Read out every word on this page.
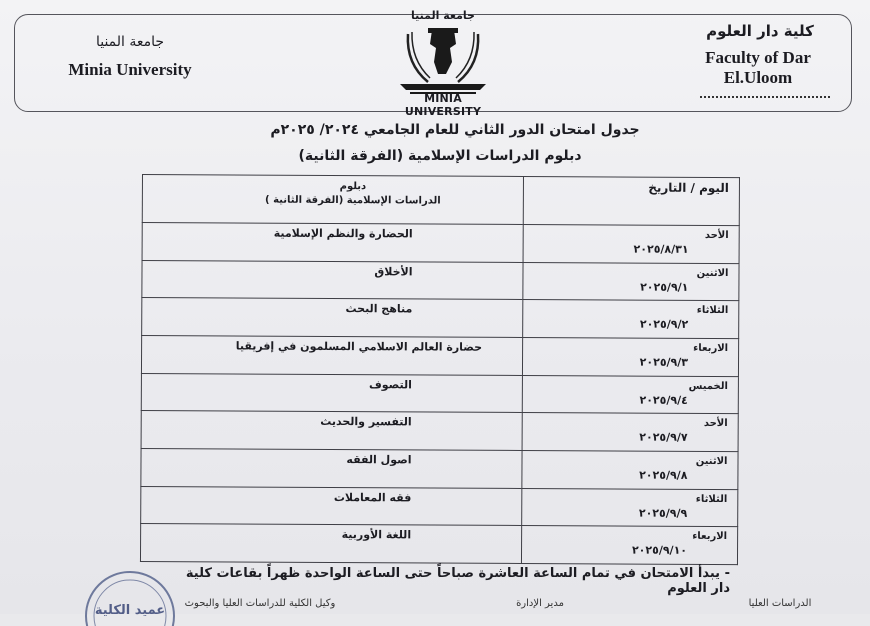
جامعة المنيا
Minia University
كلية دار العلوم
Faculty of Dar
El.Uloom
جامعة المنيا
MINIA UNIVERSITY
جدول امتحان الدور الثاني للعام الجامعي ٢٠٢٤/ ٢٠٢٥م
دبلوم الدراسات الإسلامية (الفرقة الثانية)
اليوم / التاريخ	دبلوم
الدراسات الإسلامية (الفرقة الثانية )

الأحد
٢٠٢٥/٨/٣١	الحضارة والنظم الإسلامية

الاثنين
٢٠٢٥/٩/١	الأخلاق

الثلاثاء
٢٠٢٥/٩/٢	مناهج البحث

الاربعاء
٢٠٢٥/٩/٣	حضارة العالم الاسلامي المسلمون في إفريقيا

الخميس
٢٠٢٥/٩/٤	التصوف

الأحد
٢٠٢٥/٩/٧	التفسير والحديث

الاثنين
٢٠٢٥/٩/٨	اصول الفقه

الثلاثاء
٢٠٢٥/٩/٩	فقه المعاملات

الاربعاء
٢٠٢٥/٩/١٠	اللغة الأوربية
- يبدأ الامتحان في تمام الساعة العاشرة صباحاً حتى الساعة الواحدة ظهراً بقاعات كلية دار العلوم
عميد الكلية	وكيل الكلية للدراسات العليا والبحوث	مدير الإدارة	الدراسات العليا
